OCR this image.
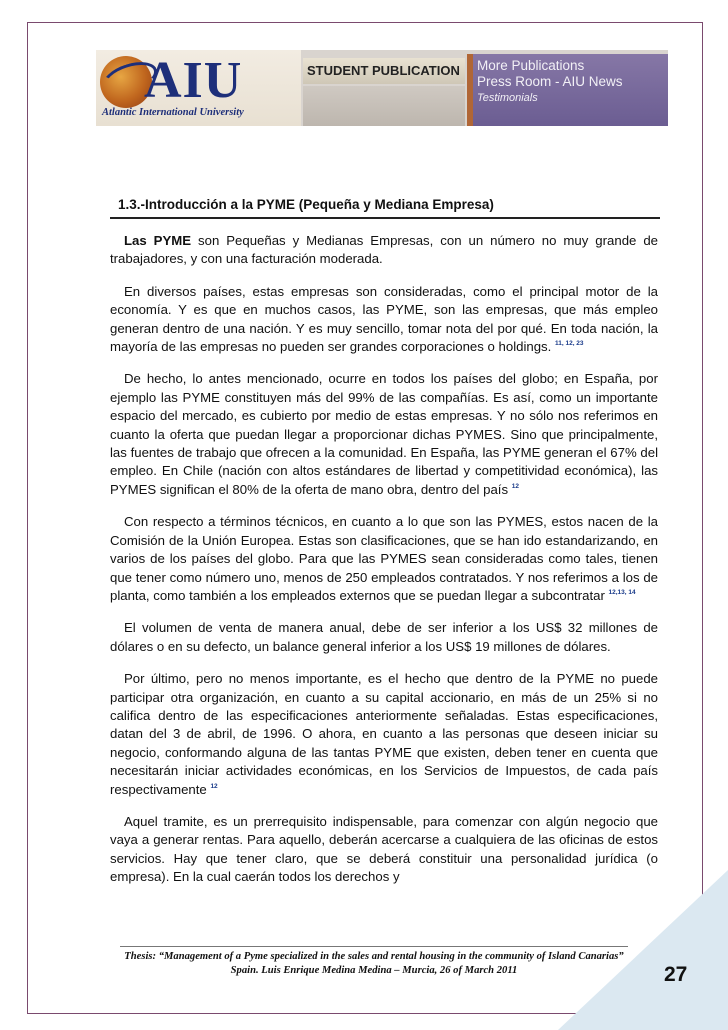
AIU
Atlantic International University
STUDENT PUBLICATION	More Publications
Press Room - AIU News
Testimonials
1.3.-Introducción a la PYME (Pequeña y Mediana Empresa)

Las PYME son Pequeñas y Medianas Empresas, con un número no muy grande de trabajadores, y con una facturación moderada.

En diversos países, estas empresas son consideradas, como el principal motor de la economía. Y es que en muchos casos, las PYME, son las empresas, que más empleo generan dentro de una nación. Y es muy sencillo, tomar nota del por qué. En toda nación, la mayoría de las empresas no pueden ser grandes corporaciones o holdings. $^{11, 12, 23}$

De hecho, lo antes mencionado, ocurre en todos los países del globo; en España, por ejemplo las PYME constituyen más del 99% de las compañías. Es así, como un importante espacio del mercado, es cubierto por medio de estas empresas. Y no sólo nos referimos en cuanto la oferta que puedan llegar a proporcionar dichas PYMES. Sino que principalmente, las fuentes de trabajo que ofrecen a la comunidad. En España, las PYME generan el 67% del empleo. En Chile (nación con altos estándares de libertad y competitividad económica), las PYMES significan el 80% de la oferta de mano obra, dentro del país $^{12}$

Con respecto a términos técnicos, en cuanto a lo que son las PYMES, estos nacen de la Comisión de la Unión Europea. Estas son clasificaciones, que se han ido estandarizando, en varios de los países del globo. Para que las PYMES sean consideradas como tales, tienen que tener como número uno, menos de 250 empleados contratados. Y nos referimos a los de planta, como también a los empleados externos que se puedan llegar a subcontratar $^{12,13, 14}$

El volumen de venta de manera anual, debe de ser inferior a los US$ 32 millones de dólares o en su defecto, un balance general inferior a los US$ 19 millones de dólares.

Por último, pero no menos importante, es el hecho que dentro de la PYME no puede participar otra organización, en cuanto a su capital accionario, en más de un 25% si no califica dentro de las especificaciones anteriormente señaladas. Estas especificaciones, datan del 3 de abril, de 1996. O ahora, en cuanto a las personas que deseen iniciar su negocio, conformando alguna de las tantas PYME que existen, deben tener en cuenta que necesitarán iniciar actividades económicas, en los Servicios de Impuestos, de cada país respectivamente $^{12}$

Aquel tramite, es un prerrequisito indispensable, para comenzar con algún negocio que vaya a generar rentas. Para aquello, deberán acercarse a cualquiera de las oficinas de estos servicios. Hay que tener claro, que se deberá constituir una personalidad jurídica (o empresa). En la cual caerán todos los derechos y

Thesis: “Management of a Pyme specialized in the sales and rental housing in the community of Island Canarias”
Spain. Luis Enrique Medina Medina – Murcia, 26 of March 2011	27
